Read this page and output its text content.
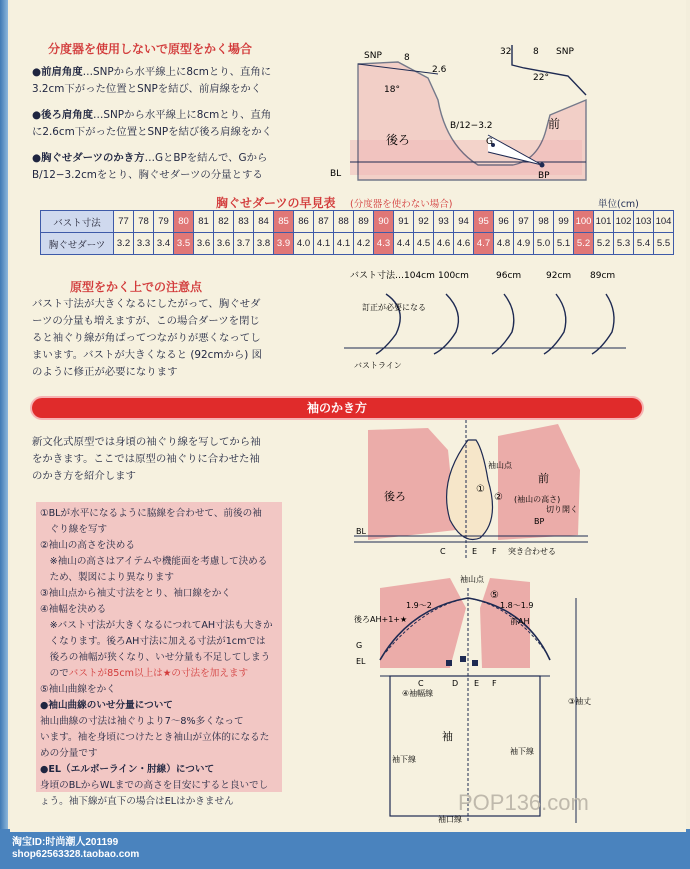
分度器を使用しないで原型をかく場合
●前肩角度…SNPから水平線上に8cmとり、直角に
3.2cm下がった位置とSNPを結び、前肩線をかく
●後ろ肩角度…SNPから水平線上に8cmとり、直角
に2.6cm下がった位置とSNPを結び後ろ肩線をかく
●胸ぐせダーツのかき方…GとBPを結んで、Gから
B/12−3.2cmをとり、胸ぐせダーツの分量とする
SNP 8
2.6
18°
32 8 SNP
22°
後ろ
前
B/12−3.2
G
BP
BL
胸ぐせダーツの早見表 (分度器を使わない場合)	単位(cm)
バスト寸法	77	78	79	80	81	82	83	84	85	86	87	88	89	90	91	92	93	94	95	96	97	98	99	100	101	102	103	104
胸ぐせダーツ	3.2	3.3	3.4	3.5	3.6	3.6	3.7	3.8	3.9	4.0	4.1	4.1	4.2	4.3	4.4	4.5	4.6	4.6	4.7	4.8	4.9	5.0	5.1	5.2	5.2	5.3	5.4	5.5
原型をかく上での注意点
バスト寸法が大きくなるにしたがって、胸ぐせダ
ーツの分量も増えますが、この場合ダーツを閉じ
ると袖ぐり線が角ばってつながりが悪くなってし
まいます。バストが大きくなると (92cmから) 図
のように修正が必要になります
バスト寸法…104cm 100cm	96cm	92cm 89cm
訂正が必要になる
バストライン
袖のかき方
新文化式原型では身頃の袖ぐり線を写してから袖
をかきます。ここでは原型の袖ぐりに合わせた袖
のかき方を紹介します
①BLが水平になるように脇線を合わせて、前後の袖
　ぐり線を写す
②袖山の高さを決める
　※袖山の高さはアイテムや機能面を考慮して決める
　ため、製図により異なります
③袖山点から袖丈寸法をとり、袖口線をかく
④袖幅を決める
　※バスト寸法が大きくなるにつれてAH寸法も大きか
　くなります。後ろAH寸法に加える寸法が1cmでは
　後ろの袖幅が狭くなり、いせ分量も不足してしまう
　のでバストが85cm以上は★の寸法を加えます
⑤袖山曲線をかく
●袖山曲線のいせ分量について
袖山曲線の寸法は袖ぐりより7〜8%多くなって
います。袖を身頃につけたとき袖山が立体的になるた
めの分量です
●EL（エルボーライン・肘線）について
身頃のBLからWLまでの高さを目安にすると良いでし
ょう。袖下線が直下の場合はELはかきません
袖山点
前
後ろ	(袖山の高さ)
①
②
BL
BP
切り開く
C	E F 突き合わせる
袖山点
後ろAH+1+★	前AH
1.9〜2	1.8〜1.9
⑤
G
EL
C	D E F
④袖幅線
袖
袖下線
袖下線
袖口線
③袖丈
POP136.com
淘宝ID:时尚潮人201199
shop62563328.taobao.com
